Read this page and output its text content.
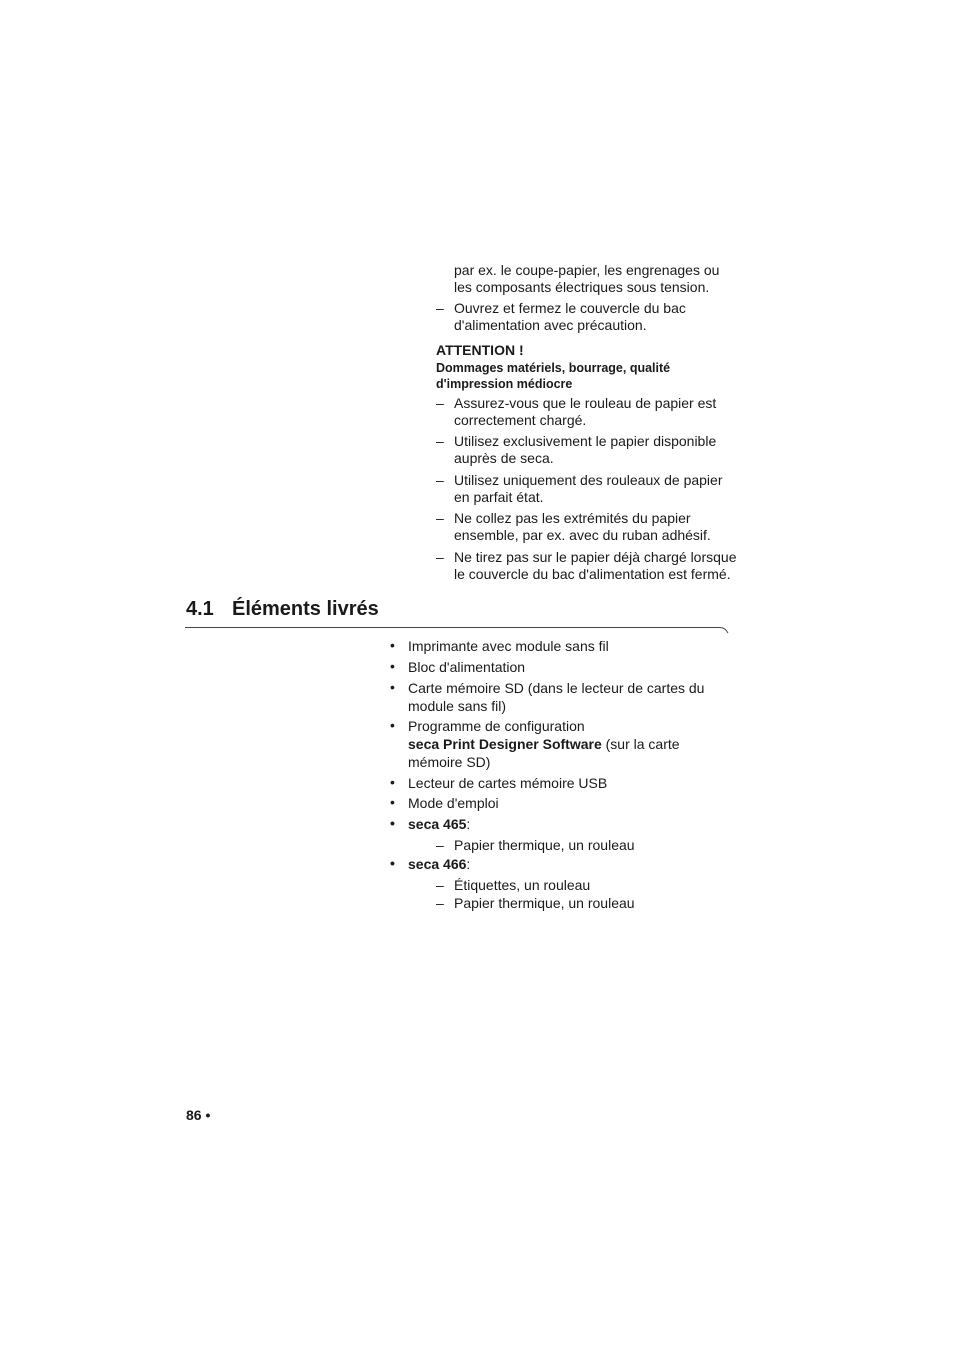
par ex. le coupe-papier, les engrenages ou
les composants électriques sous tension.
– Ouvrez et fermez le couvercle du bac
d'alimentation avec précaution.
ATTENTION !
Dommages matériels, bourrage, qualité
d'impression médiocre
– Assurez-vous que le rouleau de papier est
correctement chargé.
– Utilisez exclusivement le papier disponible
auprès de seca.
– Utilisez uniquement des rouleaux de papier
en parfait état.
– Ne collez pas les extrémités du papier
ensemble, par ex. avec du ruban adhésif.
– Ne tirez pas sur le papier déjà chargé lorsque
le couvercle du bac d'alimentation est fermé.
4.1 Éléments livrés
• Imprimante avec module sans fil
• Bloc d'alimentation
• Carte mémoire SD (dans le lecteur de cartes du
module sans fil)
• Programme de configuration
seca Print Designer Software (sur la carte
mémoire SD)
• Lecteur de cartes mémoire USB
• Mode d'emploi
• seca 465:
– Papier thermique, un rouleau
• seca 466:
– Étiquettes, un rouleau
– Papier thermique, un rouleau
86 •
